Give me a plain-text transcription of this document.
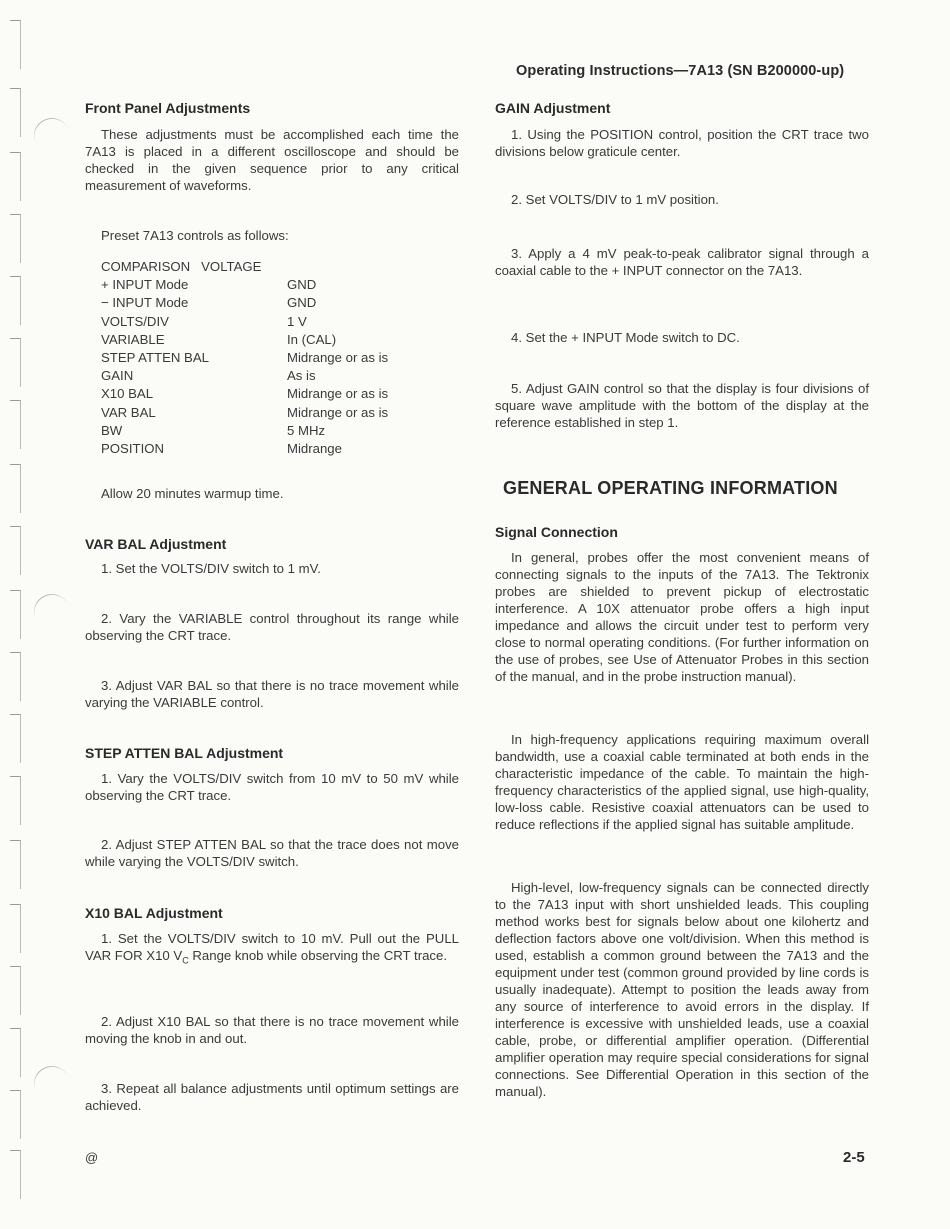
Operating Instructions—7A13 (SN B200000-up)
Front Panel Adjustments

These adjustments must be accomplished each time the 7A13 is placed in a different oscilloscope and should be checked in the given sequence prior to any critical measurement of waveforms.

Preset 7A13 controls as follows:

COMPARISON   VOLTAGE
+ INPUT Mode	GND
− INPUT Mode	GND
VOLTS/DIV	1 V
VARIABLE	In (CAL)
STEP ATTEN BAL	Midrange or as is
GAIN	As is
X10 BAL	Midrange or as is
VAR BAL	Midrange or as is
BW	5 MHz
POSITION	Midrange

Allow 20 minutes warmup time.

VAR BAL Adjustment

1. Set the VOLTS/DIV switch to 1 mV.

2. Vary the VARIABLE control throughout its range while observing the CRT trace.

3. Adjust VAR BAL so that there is no trace movement while varying the VARIABLE control.

STEP ATTEN BAL Adjustment

1. Vary the VOLTS/DIV switch from 10 mV to 50 mV while observing the CRT trace.

2. Adjust STEP ATTEN BAL so that the trace does not move while varying the VOLTS/DIV switch.

X10 BAL Adjustment

1. Set the VOLTS/DIV switch to 10 mV. Pull out the PULL VAR FOR X10 $V_C$ Range knob while observing the CRT trace.

2. Adjust X10 BAL so that there is no trace movement while moving the knob in and out.

3. Repeat all balance adjustments until optimum settings are achieved.

GAIN Adjustment

1. Using the POSITION control, position the CRT trace two divisions below graticule center.

2. Set VOLTS/DIV to 1 mV position.

3. Apply a 4 mV peak-to-peak calibrator signal through a coaxial cable to the + INPUT connector on the 7A13.

4. Set the + INPUT Mode switch to DC.

5. Adjust GAIN control so that the display is four divisions of square wave amplitude with the bottom of the display at the reference established in step 1.

GENERAL OPERATING INFORMATION
Signal Connection

In general, probes offer the most convenient means of connecting signals to the inputs of the 7A13. The Tektronix probes are shielded to prevent pickup of electrostatic interference. A 10X attenuator probe offers a high input impedance and allows the circuit under test to perform very close to normal operating conditions. (For further information on the use of probes, see Use of Attenuator Probes in this section of the manual, and in the probe instruction manual).

In high-frequency applications requiring maximum overall bandwidth, use a coaxial cable terminated at both ends in the characteristic impedance of the cable. To maintain the high-frequency characteristics of the applied signal, use high-quality, low-loss cable. Resistive coaxial attenuators can be used to reduce reflections if the applied signal has suitable amplitude.

High-level, low-frequency signals can be connected directly to the 7A13 input with short unshielded leads. This coupling method works best for signals below about one kilohertz and deflection factors above one volt/division. When this method is used, establish a common ground between the 7A13 and the equipment under test (common ground provided by line cords is usually inadequate). Attempt to position the leads away from any source of interference to avoid errors in the display. If interference is excessive with unshielded leads, use a coaxial cable, probe, or differential amplifier operation. (Differential amplifier operation may require special considerations for signal connections. See Differential Operation in this section of the manual).

@	2-5
